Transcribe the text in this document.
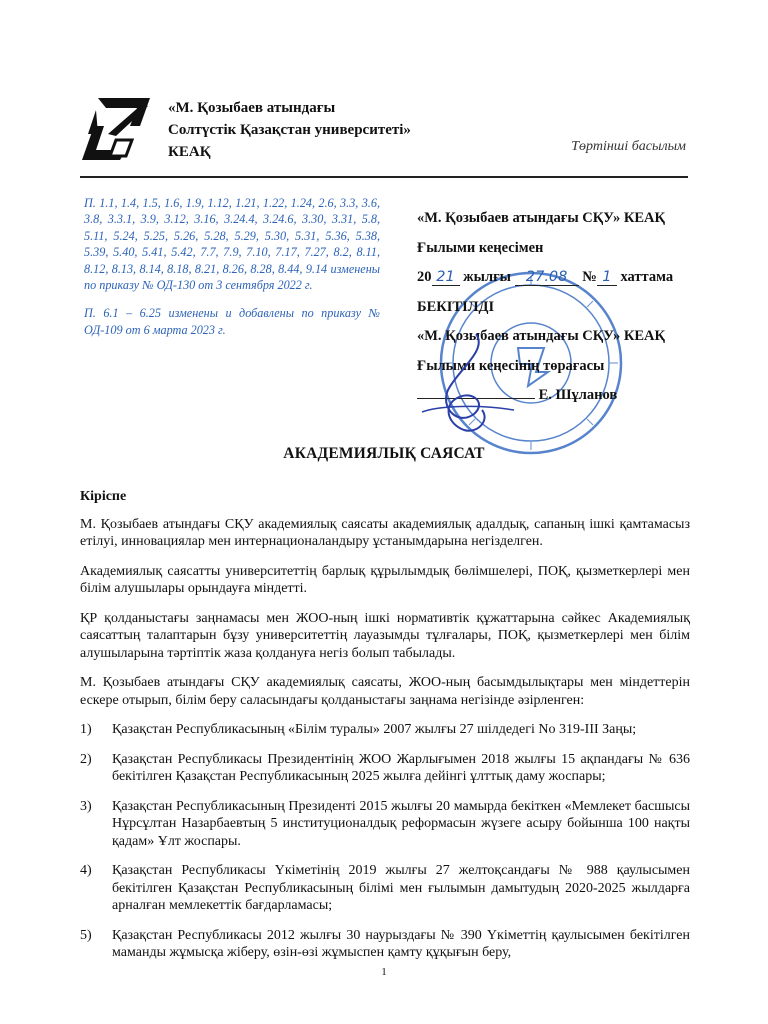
«М. Қозыбаев атындағы
Солтүстік Қазақстан университеті»
КЕАҚ	Төртінші басылым

П. 1.1, 1.4, 1.5, 1.6, 1.9, 1.12, 1.21, 1.22, 1.24, 2.6, 3.3, 3.6, 3.8, 3.3.1, 3.9, 3.12, 3.16, 3.24.4, 3.24.6, 3.30, 3.31, 5.8, 5.11, 5.24, 5.25, 5.26, 5.28, 5.29, 5.30, 5.31, 5.36, 5.38, 5.39, 5.40, 5.41, 5.42, 7.7, 7.9, 7.10, 7.17, 7.27, 8.2, 8.11, 8.12, 8.13, 8.14, 8.18, 8.21, 8.26, 8.28, 8.44, 9.14 изменены по приказу № ОД-130 от 3 сентября 2022 г.

П. 6.1 – 6.25 изменены и добавлены по приказу № ОД-109 от 6 марта 2023 г.

«М. Қозыбаев атындағы СҚУ» КЕАҚ
Ғылыми кеңесімен
20 21 жылғы 27.08 № 1 хаттама
БЕКІТІЛДІ
«М. Қозыбаев атындағы СҚУ» КЕАҚ
Ғылыми кеңесінің төрағасы
Е. Шұланов
АКАДЕМИЯЛЫҚ САЯСАТ
Кіріспе

М. Қозыбаев атындағы СҚУ академиялық саясаты академиялық адалдық, сапаның ішкі қамтамасыз етілуі, инновациялар мен интернационаландыру ұстанымдарына негізделген.

Академиялық саясатты университеттің барлық құрылымдық бөлімшелері, ПОҚ, қызметкерлері мен білім алушылары орындауға міндетті.

ҚР қолданыстағы заңнамасы мен ЖОО-ның ішкі нормативтік құжаттарына сәйкес Академиялық саясаттың талаптарын бұзу университеттің лауазымды тұлғалары, ПОҚ, қызметкерлері мен білім алушыларына тәртіптік жаза қолдануға негіз болып табылады.

М. Қозыбаев атындағы СҚУ академиялық саясаты, ЖОО-ның басымдылықтары мен міндеттерін ескере отырып, білім беру саласындағы қолданыстағы заңнама негізінде әзірленген:

1) Қазақстан Республикасының «Білім туралы» 2007 жылғы 27 шілдедегі No 319-III Заңы;
2) Қазақстан Республикасы Президентінің ЖОО Жарлығымен 2018 жылғы 15 ақпандағы № 636 бекітілген Қазақстан Республикасының 2025 жылға дейінгі ұлттық даму жоспары;
3) Қазақстан Республикасының Президенті 2015 жылғы 20 мамырда бекіткен «Мемлекет басшысы Нұрсұлтан Назарбаевтың 5 институционалдық реформасын жүзеге асыру бойынша 100 нақты қадам» Ұлт жоспары.
4) Қазақстан Республикасы Үкіметінің 2019 жылғы 27 желтоқсандағы № 988 қаулысымен бекітілген Қазақстан Республикасының білімі мен ғылымын дамытудың 2020-2025 жылдарға арналған мемлекеттік бағдарламасы;
5) Қазақстан Республикасы 2012 жылғы 30 наурыздағы № 390 Үкіметтің қаулысымен бекітілген маманды жұмысқа жіберу, өзін-өзі жұмыспен қамту құқығын беру,
1
